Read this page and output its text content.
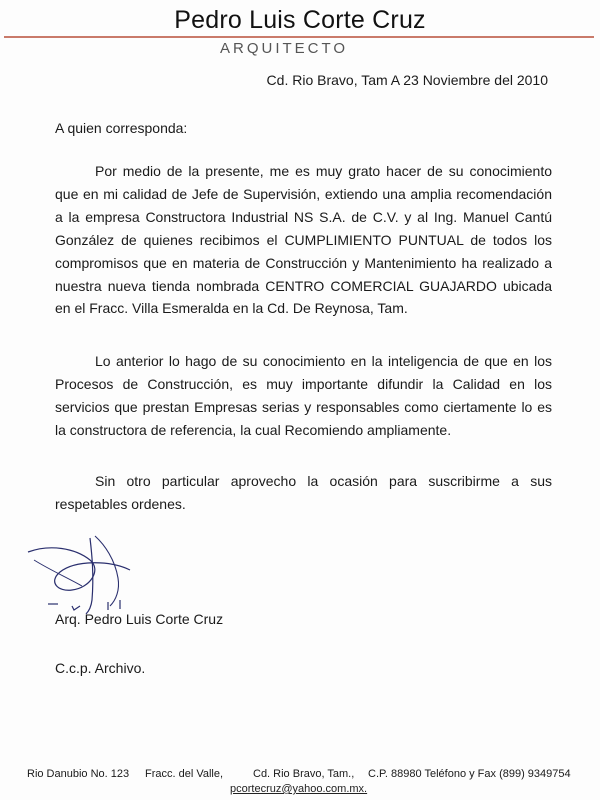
Pedro Luis Corte Cruz
ARQUITECTO
Cd. Rio Bravo, Tam A 23 Noviembre del 2010
A quien corresponda:
Por medio de la presente, me es muy grato hacer de su conocimiento que en mi calidad de Jefe de Supervisión, extiendo una amplia recomendación a la empresa Constructora Industrial NS S.A. de C.V. y al Ing. Manuel Cantú González de quienes recibimos el CUMPLIMIENTO PUNTUAL de todos los compromisos que en materia de Construcción y Mantenimiento ha realizado a nuestra nueva tienda nombrada CENTRO COMERCIAL GUAJARDO ubicada en el Fracc. Villa Esmeralda en la Cd. De Reynosa, Tam.
Lo anterior lo hago de su conocimiento en la inteligencia de que en los Procesos de Construcción, es muy importante difundir la Calidad en los servicios que prestan Empresas serias y responsables como ciertamente lo es la constructora de referencia, la cual Recomiendo ampliamente.
Sin otro particular aprovecho la ocasión para suscribirme a sus respetables ordenes.
Arq. Pedro Luis Corte Cruz
C.c.p. Archivo.
Rio Danubio No. 123 Fracc. del Valle,	Cd. Rio Bravo, Tam., C.P. 88980 Teléfono y Fax (899) 9349754
pcortecruz@yahoo.com.mx.
